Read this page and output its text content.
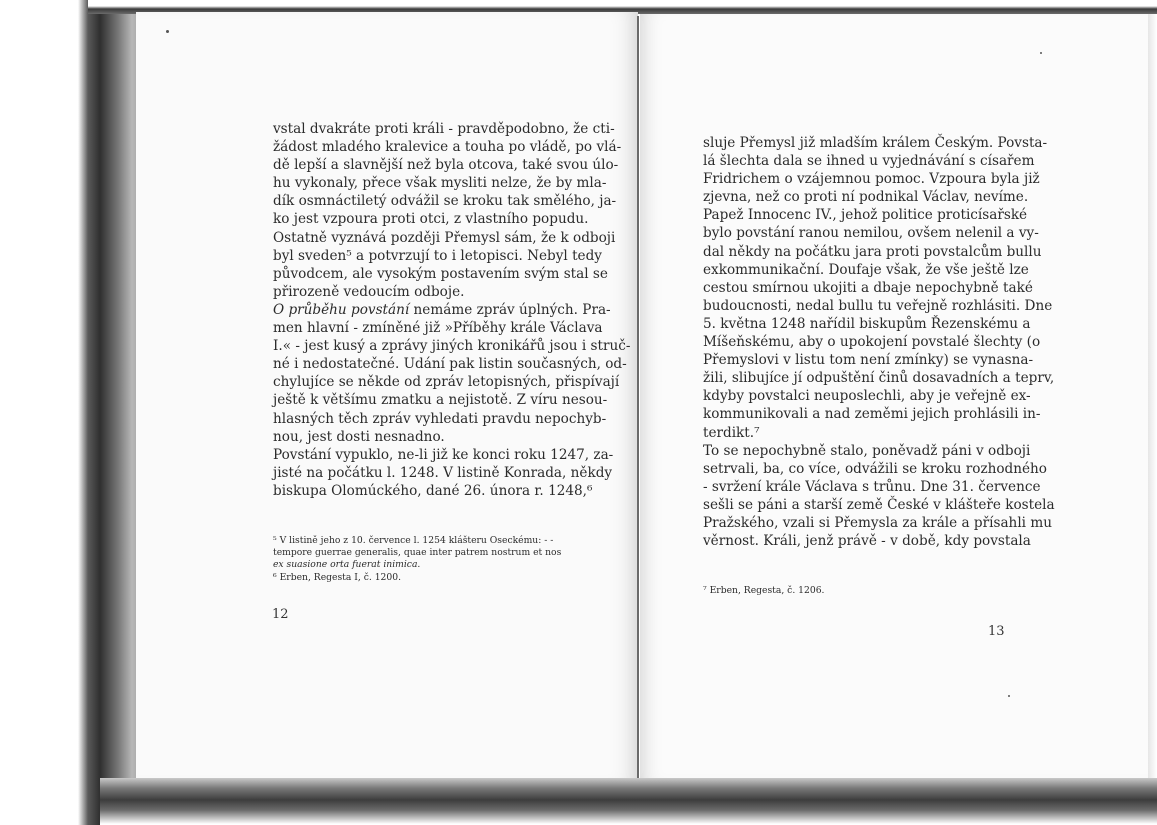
vstal dvakráte proti králi - pravděpodobno, že cti-
žádost mladého kralevice a touha po vládě, po vlá-
dě lepší a slavnější než byla otcova, také svou úlo-
hu vykonaly, přece však mysliti nelze, že by mla-
dík osmnáctiletý odvážil se kroku tak smělého, ja-
ko jest vzpoura proti otci, z vlastního popudu.
Ostatně vyznává později Přemysl sám, že k odboji
byl sveden⁵ a potvrzují to i letopisci. Nebyl tedy
původcem, ale vysokým postavením svým stal se
přirozeně vedoucím odboje.
O průběhu povstání nemáme zpráv úplných. Pra-
men hlavní - zmíněné již »Příběhy krále Václava
I.« - jest kusý a zprávy jiných kronikářů jsou i struč-
né i nedostatečné. Udání pak listin současných, od-
chylujíce se někde od zpráv letopisných, přispívají
ještě k většímu zmatku a nejistotě. Z víru nesou-
hlasných těch zpráv vyhledati pravdu nepochyb-
nou, jest dosti nesnadno.
Povstání vypuklo, ne-li již ke konci roku 1247, za-
jisté na počátku l. 1248. V listině Konrada, někdy
biskupa Olomúckého, dané 26. února r. 1248,⁶
⁵ V listině jeho z 10. července l. 1254 klášteru Oseckému: - -
tempore guerrae generalis, quae inter patrem nostrum et nos
ex suasione orta fuerat inimica.
⁶ Erben, Regesta I, č. 1200.
12
sluje Přemysl již mladším králem Českým. Povsta-
lá šlechta dala se ihned u vyjednávání s císařem
Fridrichem o vzájemnou pomoc. Vzpoura byla již
zjevna, než co proti ní podnikal Václav, nevíme.
Papež Innocenc IV., jehož politice proticísařské
bylo povstání ranou nemilou, ovšem nelenil a vy-
dal někdy na počátku jara proti povstalcům bullu
exkommunikační. Doufaje však, že vše ještě lze
cestou smírnou ukojiti a dbaje nepochybně také
budoucnosti, nedal bullu tu veřejně rozhlásiti. Dne
5. května 1248 nařídil biskupům Řezenskému a
Míšeňskému, aby o upokojení povstalé šlechty (o
Přemyslovi v listu tom není zmínky) se vynasna-
žili, slibujíce jí odpuštění činů dosavadních a teprv,
kdyby povstalci neuposlechli, aby je veřejně ex-
kommunikovali a nad zeměmi jejich prohlásili in-
terdikt.⁷
To se nepochybně stalo, poněvadž páni v odboji
setrvali, ba, co více, odvážili se kroku rozhodného
- svržení krále Václava s trůnu. Dne 31. července
sešli se páni a starší země České v klášteře kostela
Pražského, vzali si Přemysla za krále a přísahli mu
věrnost. Králi, jenž právě - v době, kdy povstala
⁷ Erben, Regesta, č. 1206.
13
